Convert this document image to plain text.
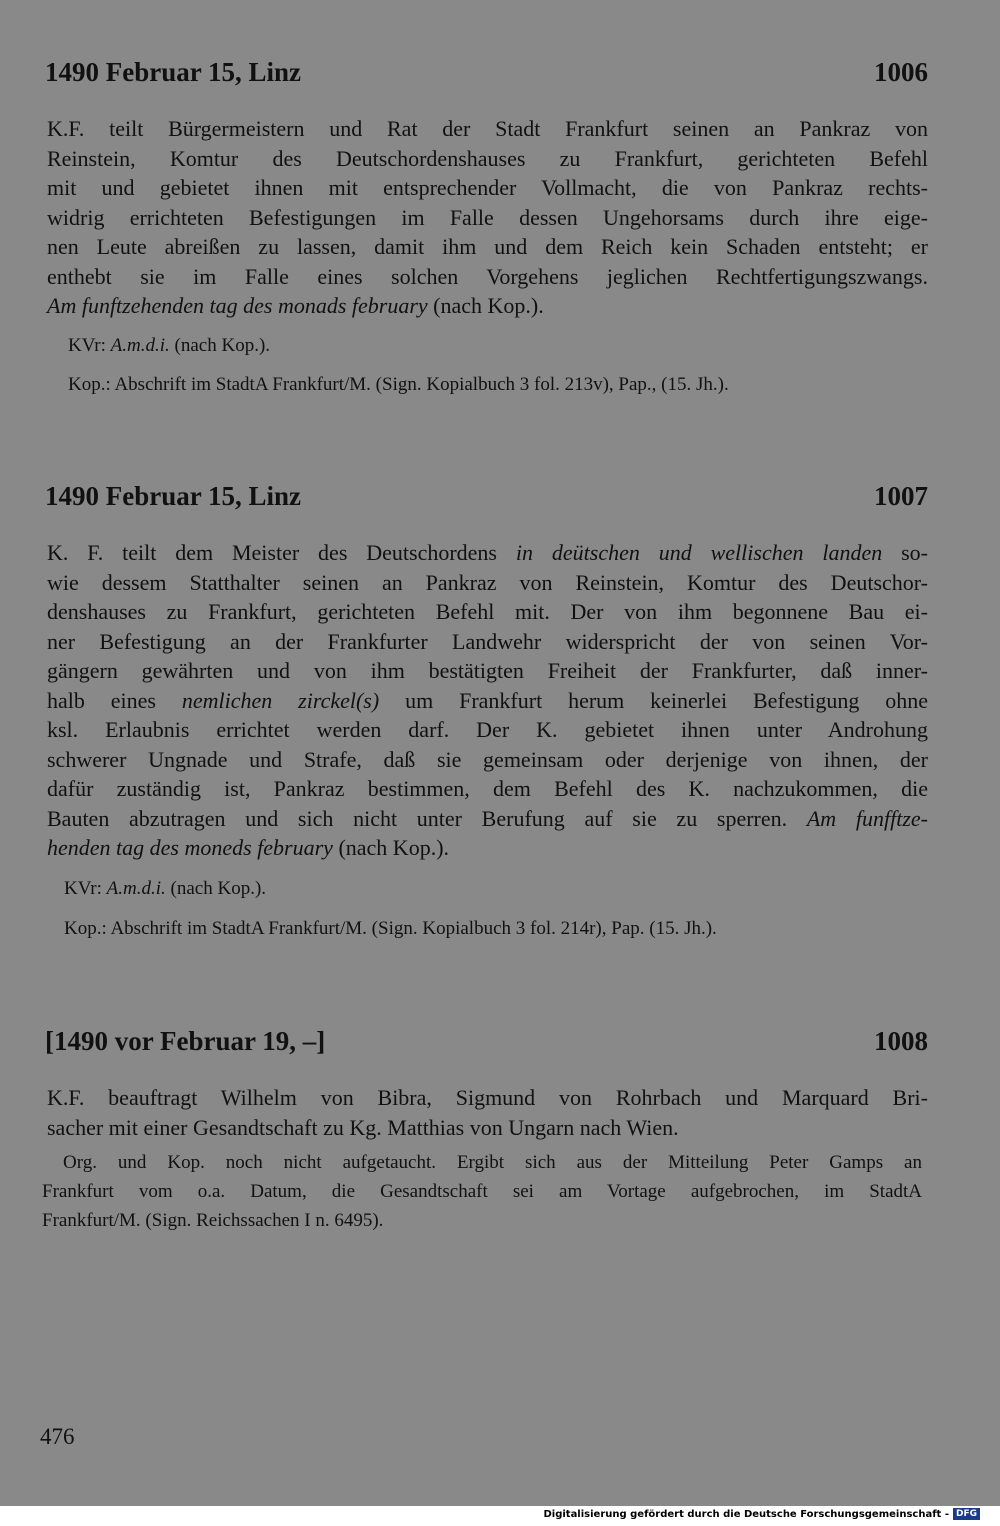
1490 Februar 15, Linz	1006
K.F. teilt Bürgermeistern und Rat der Stadt Frankfurt seinen an Pankraz von
Reinstein, Komtur des Deutschordenshauses zu Frankfurt, gerichteten Befehl
mit und gebietet ihnen mit entsprechender Vollmacht, die von Pankraz rechts-
widrig errichteten Befestigungen im Falle dessen Ungehorsams durch ihre eige-
nen Leute abreißen zu lassen, damit ihm und dem Reich kein Schaden entsteht; er
enthebt sie im Falle eines solchen Vorgehens jeglichen Rechtfertigungszwangs.
Am funftzehenden tag des monads february (nach Kop.).
KVr: A.m.d.i. (nach Kop.).
Kop.: Abschrift im StadtA Frankfurt/M. (Sign. Kopialbuch 3 fol. 213v), Pap., (15. Jh.).
1490 Februar 15, Linz	1007
K. F. teilt dem Meister des Deutschordens in deütschen und wellischen landen so-
wie dessem Statthalter seinen an Pankraz von Reinstein, Komtur des Deutschor-
denshauses zu Frankfurt, gerichteten Befehl mit. Der von ihm begonnene Bau ei-
ner Befestigung an der Frankfurter Landwehr widerspricht der von seinen Vor-
gängern gewährten und von ihm bestätigten Freiheit der Frankfurter, daß inner-
halb eines nemlichen zirckel(s) um Frankfurt herum keinerlei Befestigung ohne
ksl. Erlaubnis errichtet werden darf. Der K. gebietet ihnen unter Androhung
schwerer Ungnade und Strafe, daß sie gemeinsam oder derjenige von ihnen, der
dafür zuständig ist, Pankraz bestimmen, dem Befehl des K. nachzukommen, die
Bauten abzutragen und sich nicht unter Berufung auf sie zu sperren. Am funfftze-
henden tag des moneds february (nach Kop.).
KVr: A.m.d.i. (nach Kop.).
Kop.: Abschrift im StadtA Frankfurt/M. (Sign. Kopialbuch 3 fol. 214r), Pap. (15. Jh.).
[1490 vor Februar 19, –]	1008
K.F. beauftragt Wilhelm von Bibra, Sigmund von Rohrbach und Marquard Bri-
sacher mit einer Gesandtschaft zu Kg. Matthias von Ungarn nach Wien.
Org. und Kop. noch nicht aufgetaucht. Ergibt sich aus der Mitteilung Peter Gamps an
Frankfurt vom o.a. Datum, die Gesandtschaft sei am Vortage aufgebrochen, im StadtA
Frankfurt/M. (Sign. Reichssachen I n. 6495).
476
Digitalisierung gefördert durch die Deutsche Forschungsgemeinschaft - DFG
